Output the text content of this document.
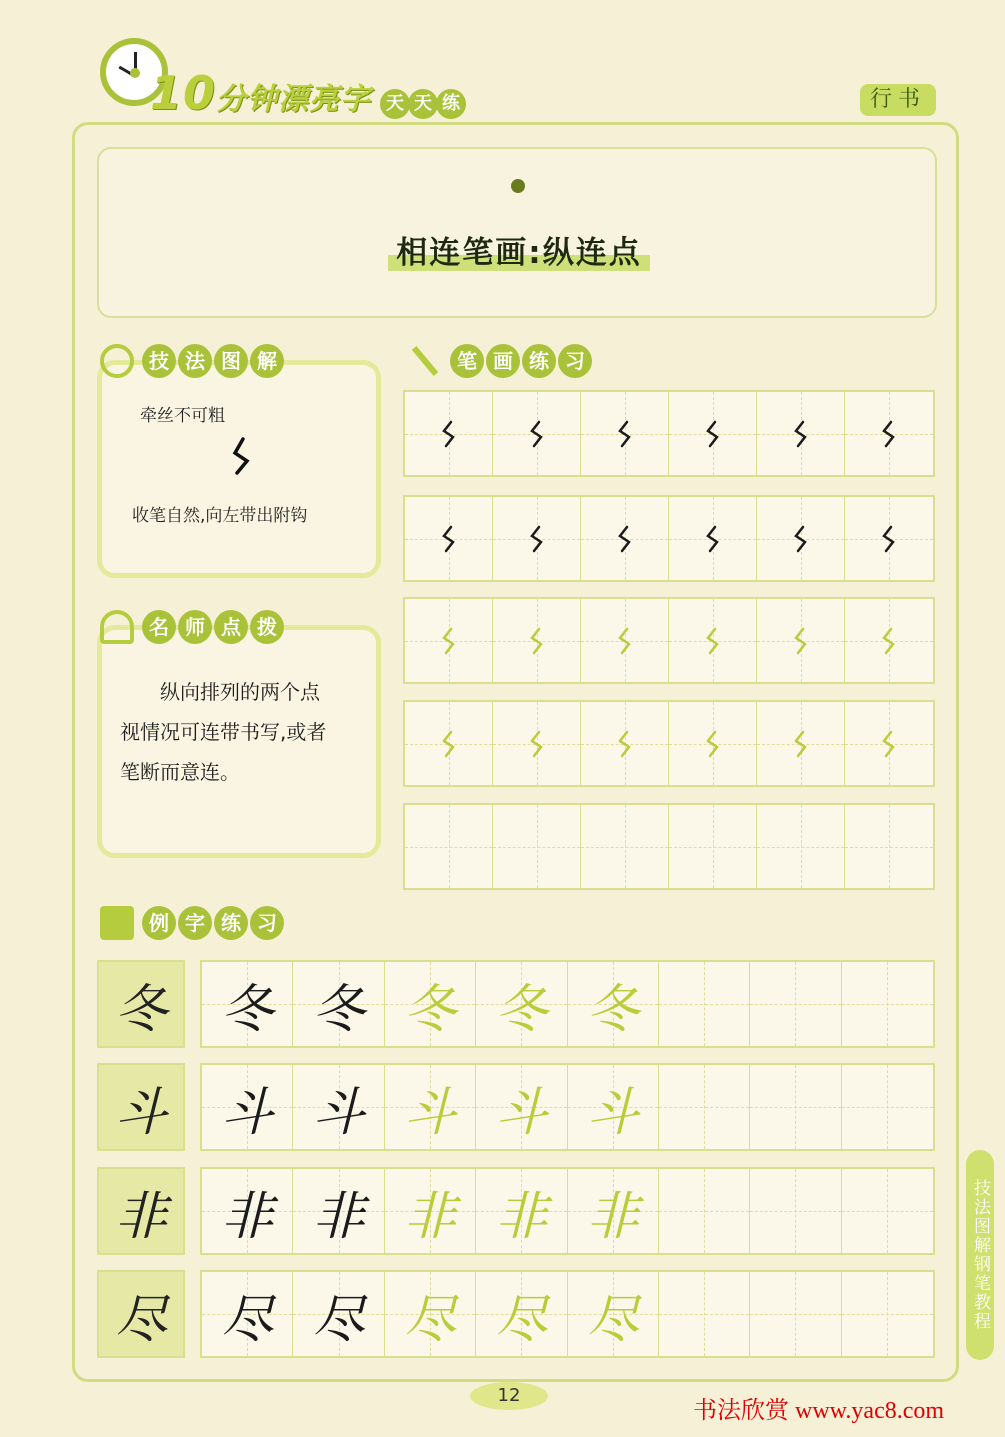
10分钟漂亮字 天 天 练	行书
相连笔画:纵连点
牵丝不可粗
收笔自然,向左带出附钩
技 法 图 解	笔 画 练 习
纵向排列的两个点
视情况可连带书写,或者
笔断而意连。
名 师 点 拨
例 字 练 习
冬 冬 冬 冬 冬 冬
斗 斗 斗 斗 斗 斗
非 非 非 非 非 非
尽 尽 尽 尽 尽 尽	技法图解钢笔教程
12
书法欣赏 www.yac8.com
